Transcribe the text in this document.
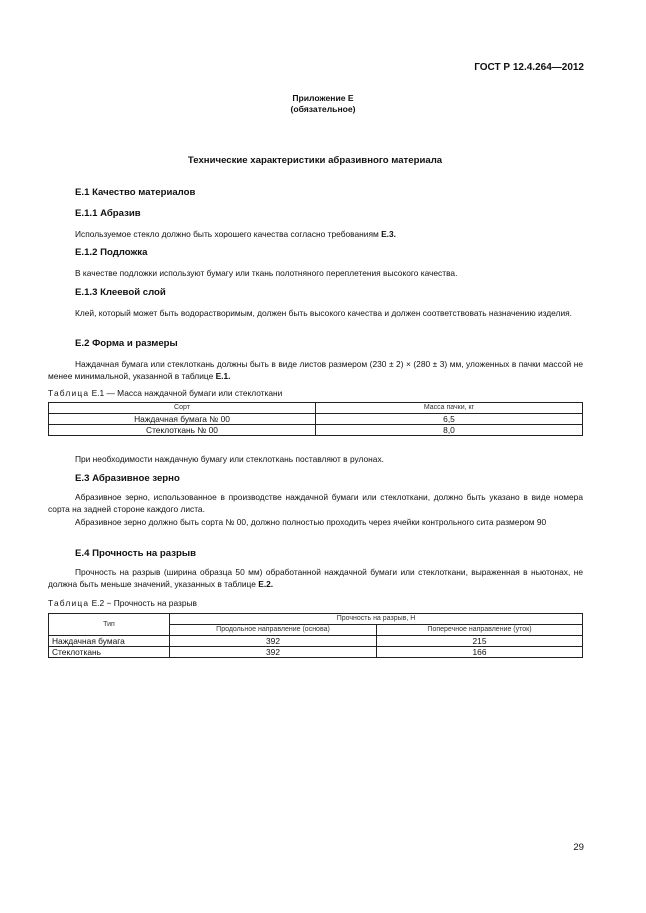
ГОСТ Р 12.4.264—2012
Приложение Е
(обязательное)
Технические характеристики абразивного материала
Е.1 Качество материалов
Е.1.1 Абразив
Используемое стекло должно быть хорошего качества согласно требованиям Е.3.
Е.1.2 Подложка
В качестве подложки используют бумагу или ткань полотняного переплетения высокого качества.
Е.1.3 Клеевой слой
Клей, который может быть водорастворимым, должен быть высокого качества и должен соответствовать назначению изделия.
Е.2 Форма и размеры
Наждачная бумага или стеклоткань должны быть в виде листов размером (230 ± 2) × (280 ± 3) мм, уложенных в пачки массой не менее минимальной, указанной в таблице Е.1.
Таблица Е.1 — Масса наждачной бумаги или стеклоткани
Сорт	Масса пачки, кг
Наждачная бумага № 00	6,5
Стеклоткань № 00	8,0
При необходимости наждачную бумагу или стеклоткань поставляют в рулонах.
Е.3 Абразивное зерно
Абразивное зерно, использованное в производстве наждачной бумаги или стеклоткани, должно быть указано в виде номера сорта на задней стороне каждого листа.
Абразивное зерно должно быть сорта № 00, должно полностью проходить через ячейки контрольного сита размером 90
Е.4 Прочность на разрыв
Прочность на разрыв (ширина образца 50 мм) обработанной наждачной бумаги или стеклоткани, выраженная в ньютонах, не должна быть меньше значений, указанных в таблице Е.2.
Таблица Е.2 − Прочность на разрыв
Тип	Прочность на разрыв, Н	
	Продольное направление (основа)	Поперечное направление (уток)
Наждачная бумага	392	215
Стеклоткань	392	166
29
